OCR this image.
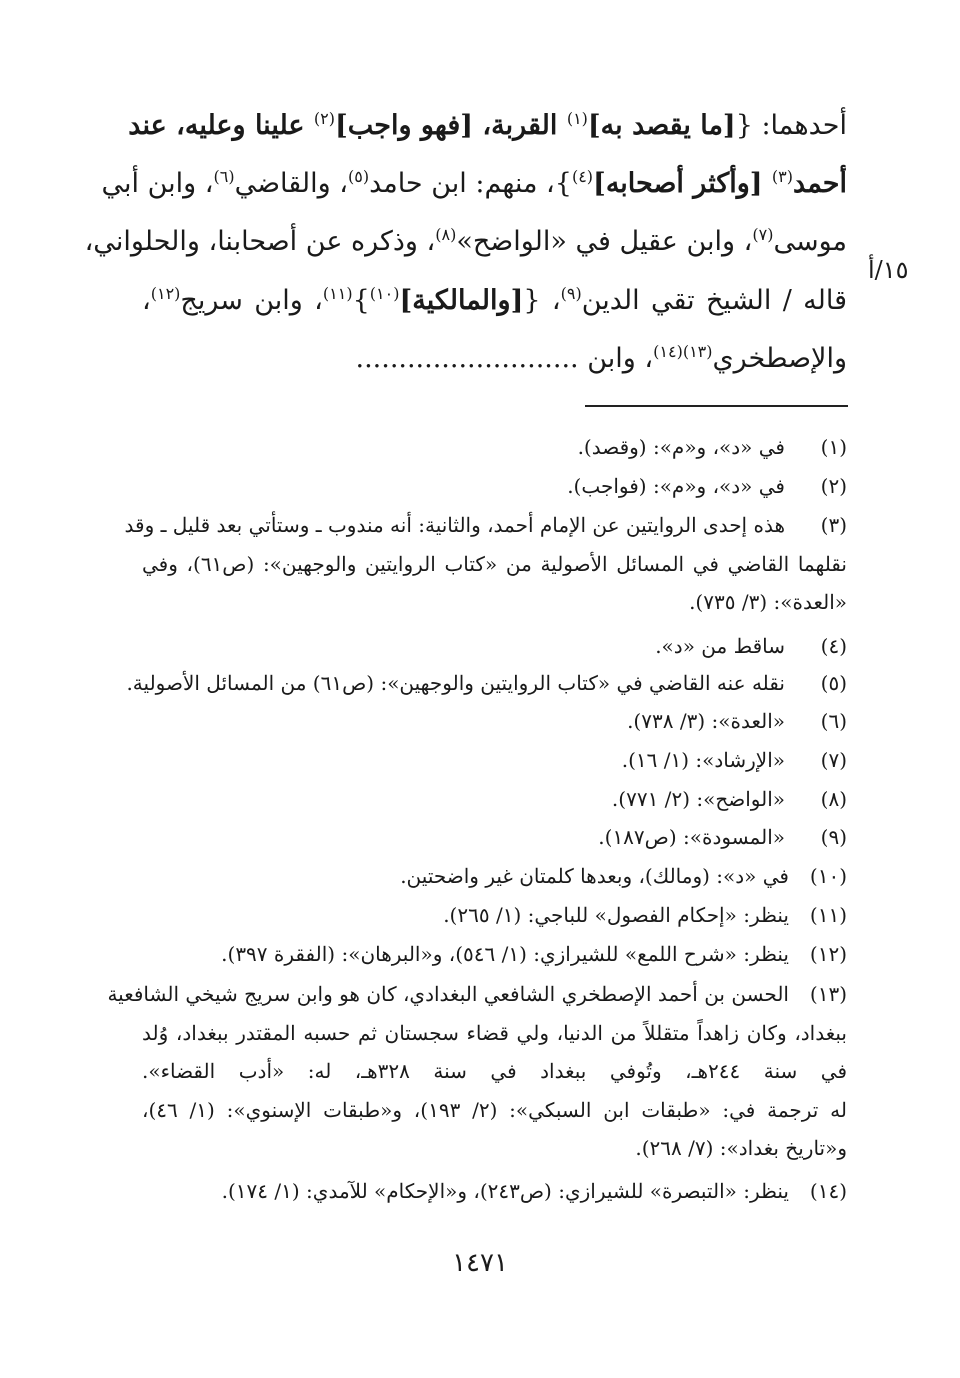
أحدهما: {[ما يقصد به]$^{(١)}$ القربة، [فهو واجب]$^{(٢)}$ علينا وعليه، عند
أحمد$^{(٣)}$ [وأكثر أصحابه]$^{(٤)}$}، منهم: ابن حامد$^{(٥)}$، والقاضي$^{(٦)}$، وابن أبي
موسى$^{(٧)}$، وابن عقيل في «الواضح»$^{(٨)}$، وذكره عن أصحابنا، والحلواني،
قاله / الشيخ تقي الدين$^{(٩)}$، {[والمالكية]$^{(١٠)}$}$^{(١١)}$، وابن سريج$^{(١٢)}$،
والإصطخري$^{(١٣)(١٤)}$، وابن ..........................
١٥/أ
(١)
في «د»، و«م»: (وقصد).
(٢)
في «د»، و«م»: (فواجب).
(٣)
هذه إحدى الروايتين عن الإمام أحمد، والثانية: أنه مندوب ـ وستأتي بعد قليل ـ وقد
نقلهما القاضي في المسائل الأصولية من «كتاب الروايتين والوجهين»: (ص٦١)، وفي
«العدة»: (٣/ ٧٣٥).
(٤)
ساقط من «د».
(٥)
نقله عنه القاضي في «كتاب الروايتين والوجهين»: (ص٦١) من المسائل الأصولية.
(٦)
«العدة»: (٣/ ٧٣٨).
(٧)
«الإرشاد»: (١/ ١٦).
(٨)
«الواضح»: (٢/ ٧٧١).
(٩)
«المسودة»: (ص١٨٧).
(١٠)
في «د»: (ومالك)، وبعدها كلمتان غير واضحتين.
(١١)
ينظر: «إحكام الفصول» للباجي: (١/ ٢٦٥).
(١٢)
ينظر: «شرح اللمع» للشيرازي: (١/ ٥٤٦)، و«البرهان»: (الفقرة ٣٩٧).
(١٣)
الحسن بن أحمد الإصطخري الشافعي البغدادي، كان هو وابن سريج شيخي الشافعية
ببغداد، وكان زاهداً متقللاً من الدنيا، ولي قضاء سجستان ثم حسبه المقتدر ببغداد، وُلد
في سنة ٢٤٤هـ، وتُوفي ببغداد في سنة ٣٢٨هـ، له: «أدب القضاء».
له ترجمة في: «طبقات ابن السبكي»: (٢/ ١٩٣)، و«طبقات الإسنوي»: (١/ ٤٦)،
و«تاريخ بغداد»: (٧/ ٢٦٨).
(١٤)
ينظر: «التبصرة» للشيرازي: (ص٢٤٣)، و«الإحكام» للآمدي: (١/ ١٧٤).
١٤٧١
